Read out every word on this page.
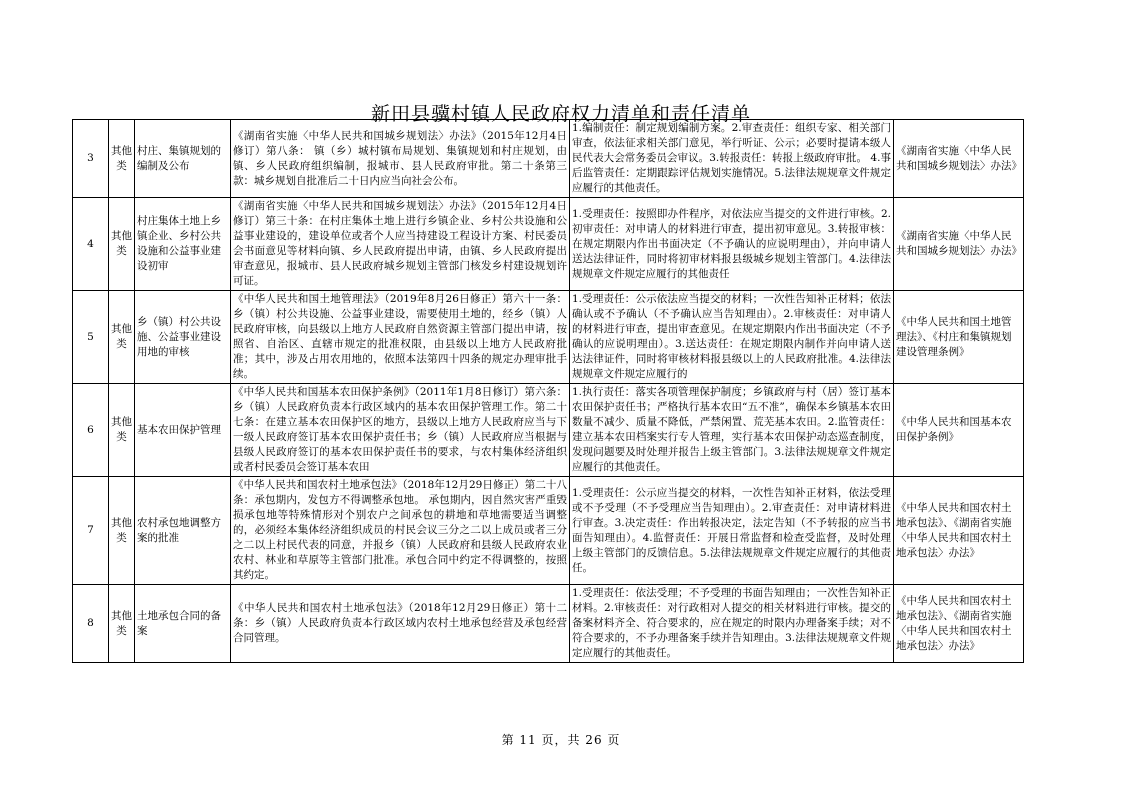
新田县骥村镇人民政府权力清单和责任清单
3	其他类	村庄、集镇规划的编制及公布	《湖南省实施〈中华人民共和国城乡规划法〉办法》（2015年12月4日修订）第八条： 镇（乡）城村镇布局规划、集镇规划和村庄规划，由镇、乡人民政府组织编制，报城市、县人民政府审批。第二十条第三款：城乡规划自批准后二十日内应当向社会公布。	1.编制责任：制定规划编制方案。2.审查责任：组织专家、相关部门审查，依法征求相关部门意见，举行听证、公示；必要时提请本级人民代表大会常务委员会审议。3.转报责任：转报上级政府审批。 4.事后监管责任：定期跟踪评估规划实施情况。5.法律法规规章文件规定应履行的其他责任。	《湖南省实施〈中华人民共和国城乡规划法〉办法》
4	其他类	村庄集体土地上乡镇企业、乡村公共设施和公益事业建设初审	《湖南省实施〈中华人民共和国城乡规划法〉办法》（2015年12月4日修订）第三十条：在村庄集体土地上进行乡镇企业、乡村公共设施和公益事业建设的，建设单位或者个人应当持建设工程设计方案、村民委员会书面意见等材料向镇、乡人民政府提出申请，由镇、乡人民政府提出审查意见，报城市、县人民政府城乡规划主管部门核发乡村建设规划许可证。	1.受理责任：按照即办件程序，对依法应当提交的文件进行审核。2.初审责任：对申请人的材料进行审查，提出初审意见。3.转报审核：在规定期限内作出书面决定（不予确认的应说明理由），并向申请人送达法律证件，同时将初审材料报县级城乡规划主管部门。4.法律法规规章文件规定应履行的其他责任	《湖南省实施〈中华人民共和国城乡规划法〉办法》
5	其他类	乡（镇）村公共设施、公益事业建设用地的审核	《中华人民共和国土地管理法》（2019年8月26日修正）第六十一条：乡（镇）村公共设施、公益事业建设，需要使用土地的，经乡（镇）人民政府审核，向县级以上地方人民政府自然资源主管部门提出申请，按照省、自治区、直辖市规定的批准权限，由县级以上地方人民政府批准；其中，涉及占用农用地的，依照本法第四十四条的规定办理审批手续。	1.受理责任：公示依法应当提交的材料；一次性告知补正材料；依法确认或不予确认（不予确认应当告知理由）。2.审核责任：对申请人的材料进行审查，提出审查意见。在规定期限内作出书面决定（不予确认的应说明理由）。3.送达责任：在规定期限内制作并向申请人送达法律证件，同时将审核材料报县级以上的人民政府批准。4.法律法规规章文件规定应履行的	《中华人民共和国土地管理法》、《村庄和集镇规划建设管理条例》
6	其他类	基本农田保护管理	《中华人民共和国基本农田保护条例》（2011年1月8日修订）第六条：乡（镇）人民政府负责本行政区域内的基本农田保护管理工作。第二十七条：在建立基本农田保护区的地方，县级以上地方人民政府应当与下一级人民政府签订基本农田保护责任书；乡（镇）人民政府应当根据与县级人民政府签订的基本农田保护责任书的要求，与农村集体经济组织或者村民委员会签订基本农田	1.执行责任：落实各项管理保护制度；乡镇政府与村（居）签订基本农田保护责任书；严格执行基本农田“五不准”，确保本乡镇基本农田数量不减少、质量不降低，严禁闲置、荒芜基本农田。2.监管责任：建立基本农田档案实行专人管理，实行基本农田保护动态巡查制度，发现问题要及时处理并报告上级主管部门。3.法律法规规章文件规定应履行的其他责任。	《中华人民共和国基本农田保护条例》
7	其他类	农村承包地调整方案的批准	《中华人民共和国农村土地承包法》（2018年12月29日修正）第二十八条：承包期内，发包方不得调整承包地。 承包期内，因自然灾害严重毁损承包地等特殊情形对个别农户之间承包的耕地和草地需要适当调整的，必须经本集体经济组织成员的村民会议三分之二以上成员或者三分之二以上村民代表的同意，并报乡（镇）人民政府和县级人民政府农业农村、林业和草原等主管部门批准。承包合同中约定不得调整的，按照其约定。	1.受理责任：公示应当提交的材料，一次性告知补正材料，依法受理或不予受理（不予受理应当告知理由）。2.审查责任：对申请材料进行审查。3.决定责任：作出转报决定，法定告知（不予转报的应当书面告知理由）。4.监督责任：开展日常监督和检查受监督，及时处理上级主管部门的反馈信息。5.法律法规规章文件规定应履行的其他责任。	《中华人民共和国农村土地承包法》、《湖南省实施〈中华人民共和国农村土地承包法〉办法》
8	其他类	土地承包合同的备案	《中华人民共和国农村土地承包法》（2018年12月29日修正）第十二条：乡（镇）人民政府负责本行政区域内农村土地承包经营及承包经营合同管理。	1.受理责任：依法受理；不予受理的书面告知理由；一次性告知补正材料。2.审核责任：对行政相对人提交的相关材料进行审核。提交的备案材料齐全、符合要求的，应在规定的时限内办理备案手续；对不符合要求的，不予办理备案手续并告知理由。3.法律法规规章文件规定应履行的其他责任。	《中华人民共和国农村土地承包法》、《湖南省实施〈中华人民共和国农村土地承包法〉办法》
第 11 页，共 26 页
